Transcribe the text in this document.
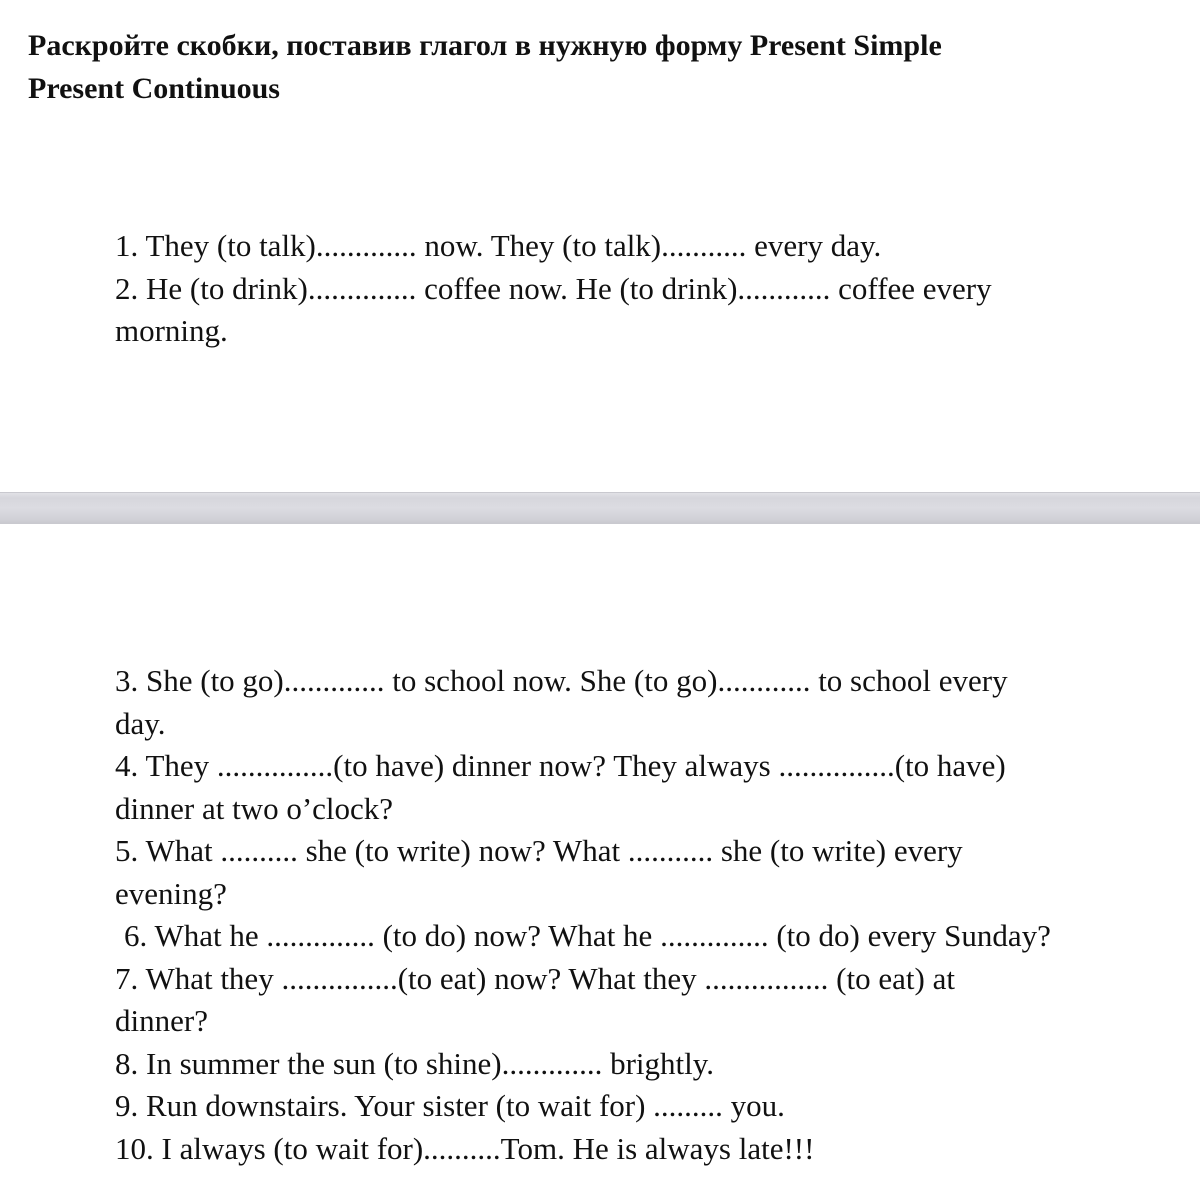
Раскройте скобки, поставив глагол в нужную форму Present Simple
Present Continuous
1. They (to talk)............. now. They (to talk)........... every day.
2. He (to drink).............. coffee now. He (to drink)............ coffee every
morning.
3. She (to go)............. to school now. She (to go)............ to school every
day.
4. They ...............(to have) dinner now? They always ...............(to have)
dinner at two o’clock?
5. What .......... she (to write) now? What ........... she (to write) every
evening?
6. What he .............. (to do) now? What he .............. (to do) every Sunday?
7. What they ...............(to eat) now? What they ................ (to eat) at
dinner?
8. In summer the sun (to shine)............. brightly.
9. Run downstairs. Your sister (to wait for) ......... you.
10. I always (to wait for)..........Tom. He is always late!!!
